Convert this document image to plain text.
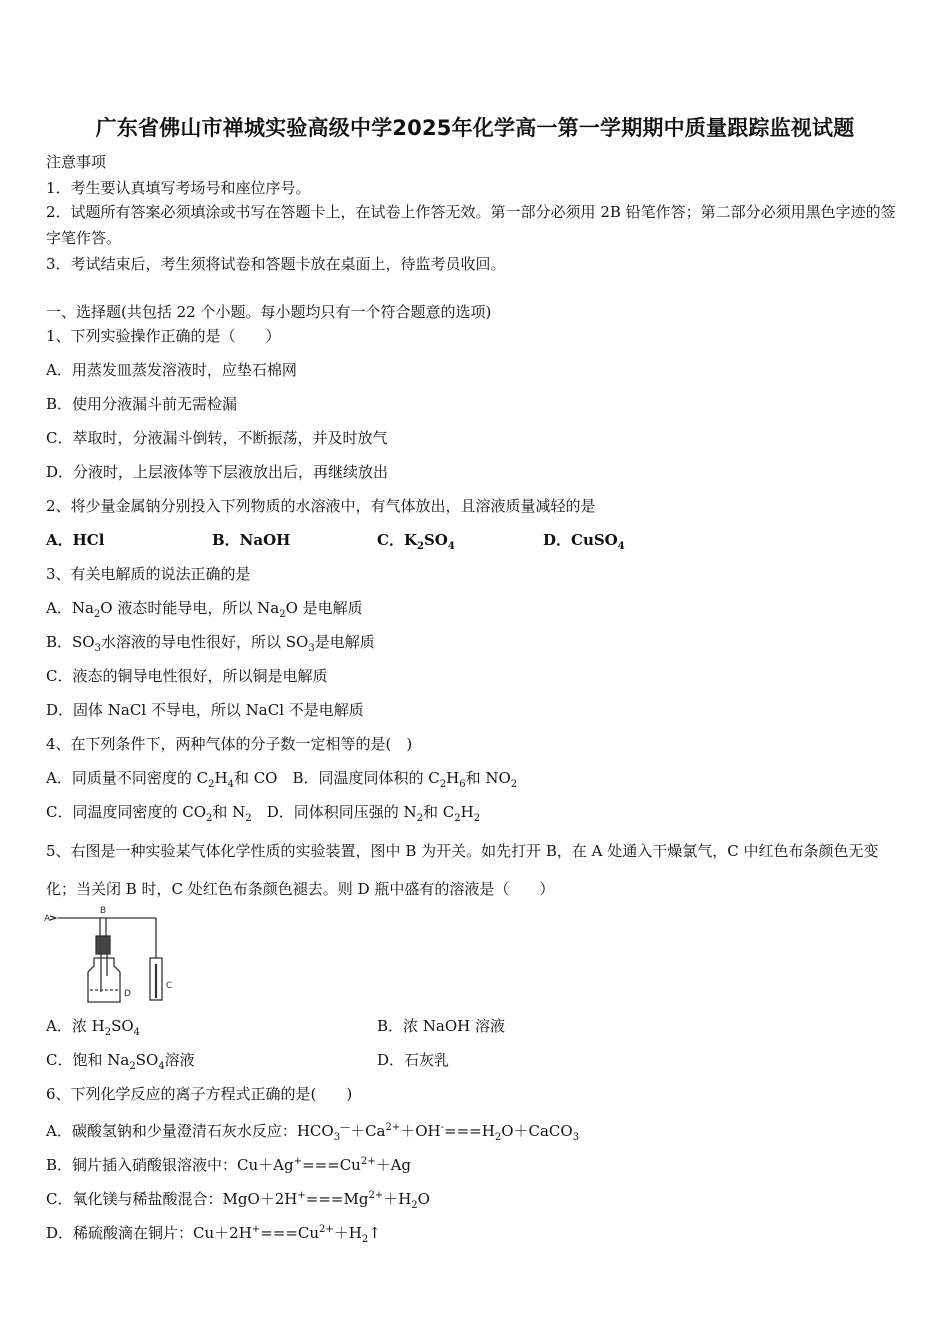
广东省佛山市禅城实验高级中学2025年化学高一第一学期期中质量跟踪监视试题
注意事项
1．考生要认真填写考场号和座位序号。
2．试题所有答案必须填涂或书写在答题卡上，在试卷上作答无效。第一部分必须用 2B 铅笔作答；第二部分必须用黑色字迹的签字笔作答。
3．考试结束后，考生须将试卷和答题卡放在桌面上，待监考员收回。
一、选择题(共包括 22 个小题。每小题均只有一个符合题意的选项)
1、下列实验操作正确的是（　　）
A．用蒸发皿蒸发溶液时，应垫石棉网
B．使用分液漏斗前无需检漏
C．萃取时，分液漏斗倒转，不断振荡，并及时放气
D．分液时，上层液体等下层液放出后，再继续放出
2、将少量金属钠分别投入下列物质的水溶液中，有气体放出，且溶液质量减轻的是
A．HCl	B．NaOH	C．$K_2SO_4$	D．CuSO$_4$
3、有关电解质的说法正确的是
A．$Na_2O$ 液态时能导电，所以 $Na_2O$ 是电解质
B．$SO_3$水溶液的导电性很好，所以 $SO_3$是电解质
C．液态的铜导电性很好，所以铜是电解质
D．固体 NaCl 不导电，所以 NaCl 不是电解质
4、在下列条件下，两种气体的分子数一定相等的是(　)
A．同质量不同密度的 $C_2H_4$和 CO　B．同温度同体积的 $C_2H_6$和 $NO_2$
C．同温度同密度的 $CO_2$和 $N_2$　D．同体积同压强的 $N_2$和 $C_2H_2$
5、右图是一种实验某气体化学性质的实验装置，图中 B 为开关。如先打开 B，在 A 处通入干燥氯气，C 中红色布条颜色无变化；当关闭 B 时，C 处红色布条颜色褪去。则 D 瓶中盛有的溶液是（　　）
A
B
D
C
A．浓 $H_2SO_4$	B．浓 NaOH 溶液
C．饱和 $Na_2SO_4$溶液	D．石灰乳
6、下列化学反应的离子方程式正确的是(　　)
A．碳酸氢钠和少量澄清石灰水反应：$HCO_3^—+Ca^{2+}+OH^-===H_2O+CaCO_3$
B．铜片插入硝酸银溶液中：$Cu+Ag^+===Cu^{2+}+Ag$
C．氧化镁与稀盐酸混合：$MgO+2H^+===Mg^{2+}+H_2O$
D．稀硫酸滴在铜片：$Cu+2H^+===Cu^{2+}+H_2↑$
